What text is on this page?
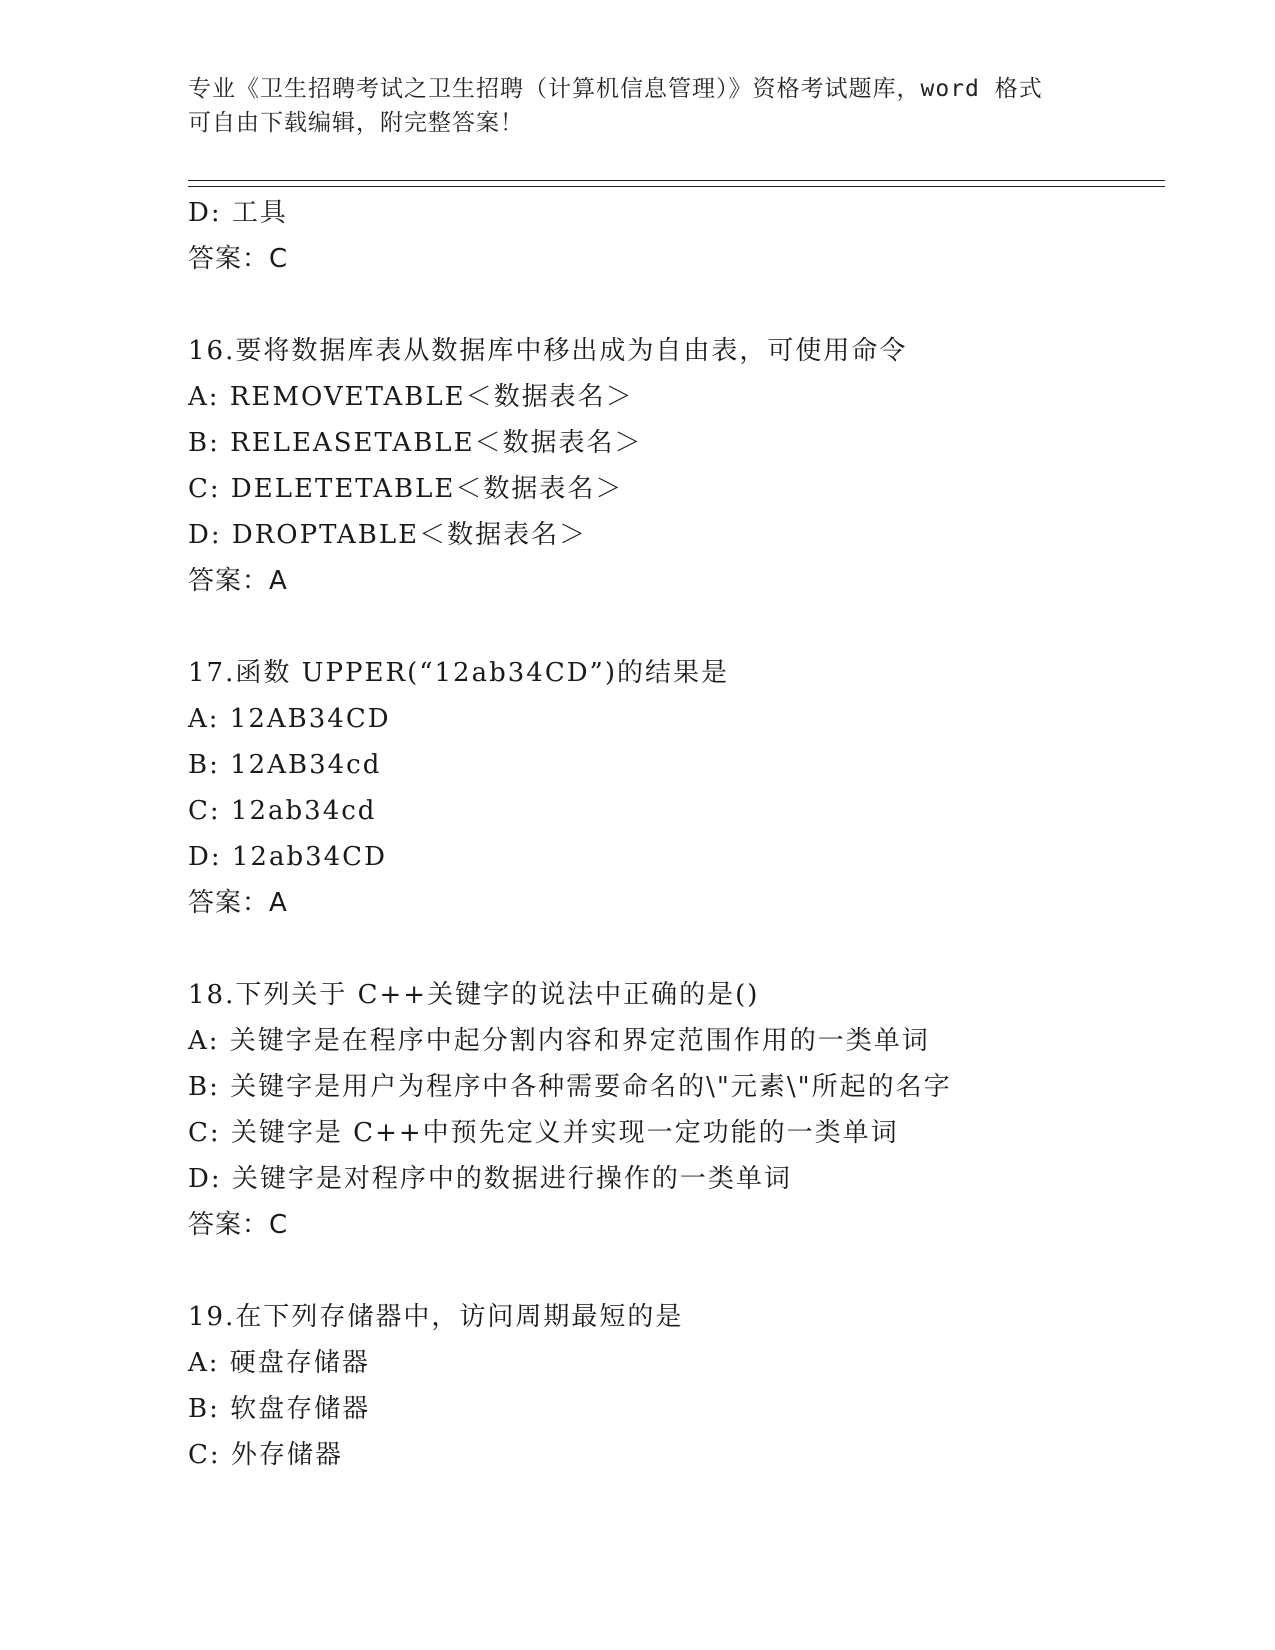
专业《卫生招聘考试之卫生招聘（计算机信息管理）》资格考试题库，word 格式
可自由下载编辑，附完整答案！
D: 工具
答案：C
16.要将数据库表从数据库中移出成为自由表，可使用命令
A: REMOVETABLE＜数据表名＞
B: RELEASETABLE＜数据表名＞
C: DELETETABLE＜数据表名＞
D: DROPTABLE＜数据表名＞
答案：A
17.函数 UPPER(“12ab34CD”)的结果是
A: 12AB34CD
B: 12AB34cd
C: 12ab34cd
D: 12ab34CD
答案：A
18.下列关于 C++关键字的说法中正确的是()
A: 关键字是在程序中起分割内容和界定范围作用的一类单词
B: 关键字是用户为程序中各种需要命名的\"元素\"所起的名字
C: 关键字是 C++中预先定义并实现一定功能的一类单词
D: 关键字是对程序中的数据进行操作的一类单词
答案：C
19.在下列存储器中，访问周期最短的是
A: 硬盘存储器
B: 软盘存储器
C: 外存储器
